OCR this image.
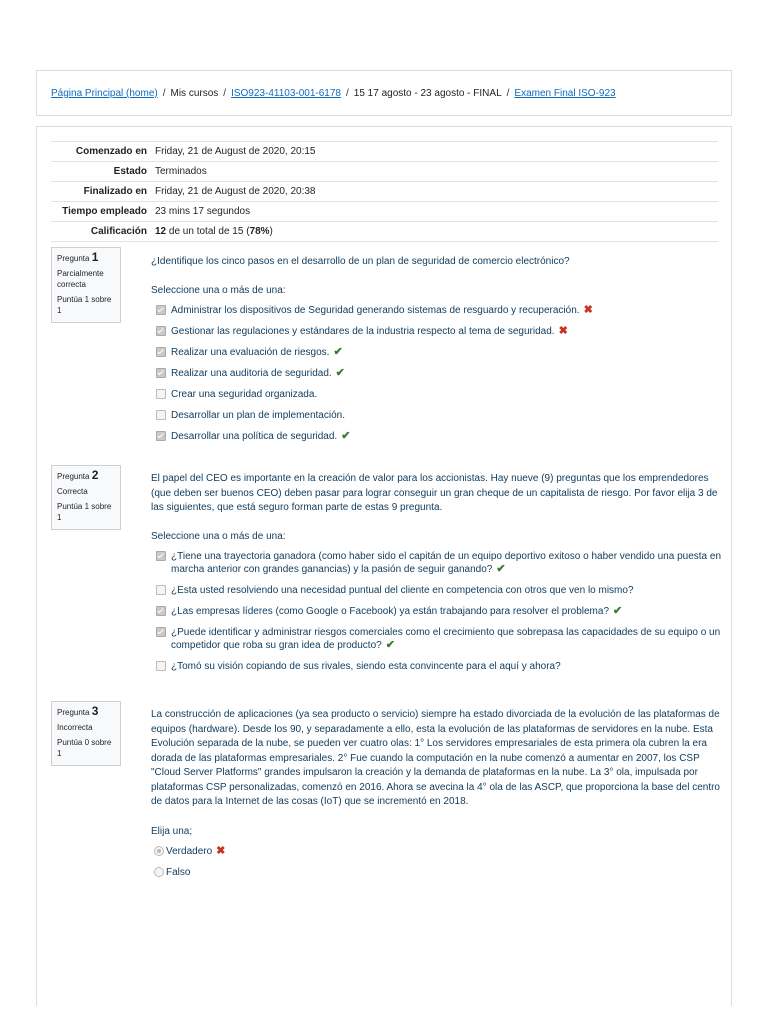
Página Principal (home) / Mis cursos / ISO923-41103-001-6178 / 15 17 agosto - 23 agosto - FINAL / Examen Final ISO-923
Comenzado en	Friday, 21 de August de 2020, 20:15
Estado	Terminados
Finalizado en	Friday, 21 de August de 2020, 20:38
Tiempo empleado	23 mins 17 segundos
Calificación	12 de un total de 15 (78%)
Pregunta 1
Parcialmente correcta
Puntúa 1 sobre 1
¿Identifique los cinco pasos en el desarrollo de un plan de seguridad de comercio electrónico?
Seleccione una o más de una:
Administrar los dispositivos de Seguridad generando sistemas de resguardo y recuperación. ✖
Gestionar las regulaciones y estándares de la industria respecto al tema de seguridad. ✖
Realizar una evaluación de riesgos. ✔
Realizar una auditoria de seguridad. ✔
Crear una seguridad organizada.
Desarrollar un plan de implementación.
Desarrollar una política de seguridad. ✔
Pregunta 2
Correcta
Puntúa 1 sobre 1
El papel del CEO es importante en la creación de valor para los accionistas. Hay nueve (9) preguntas que los emprendedores (que deben ser buenos CEO) deben pasar para lograr conseguir un gran cheque de un capitalista de riesgo. Por favor elija 3 de las siguientes, que está seguro forman parte de estas 9 pregunta.
Seleccione una o más de una:
¿Tiene una trayectoria ganadora (como haber sido el capitán de un equipo deportivo exitoso o haber vendido una puesta en marcha anterior con grandes ganancias) y la pasión de seguir ganando? ✔
¿Esta usted resolviendo una necesidad puntual del cliente en competencia con otros que ven lo mismo?
¿Las empresas líderes (como Google o Facebook) ya están trabajando para resolver el problema? ✔
¿Puede identificar y administrar riesgos comerciales como el crecimiento que sobrepasa las capacidades de su equipo o un competidor que roba su gran idea de producto? ✔
¿Tomó su visión copiando de sus rivales, siendo esta convincente para el aquí y ahora?
Pregunta 3
Incorrecta
Puntúa 0 sobre 1
La construcción de aplicaciones (ya sea producto o servicio) siempre ha estado divorciada de la evolución de las plataformas de equipos (hardware). Desde los 90, y separadamente a ello, esta la evolución de las plataformas de servidores en la nube. Esta Evolución separada de la nube, se pueden ver cuatro olas: 1° Los servidores empresariales de esta primera ola cubren la era dorada de las plataformas empresariales. 2° Fue cuando la computación en la nube comenzó a aumentar en 2007, los CSP "Cloud Server Platforms" grandes impulsaron la creación y la demanda de plataformas en la nube. La 3° ola, impulsada por plataformas CSP personalizadas, comenzó en 2016. Ahora se avecina la 4° ola de las ASCP, que proporciona la base del centro de datos para la Internet de las cosas (IoT) que se incrementó en 2018.
Elija una;
Verdadero ✖
Falso
